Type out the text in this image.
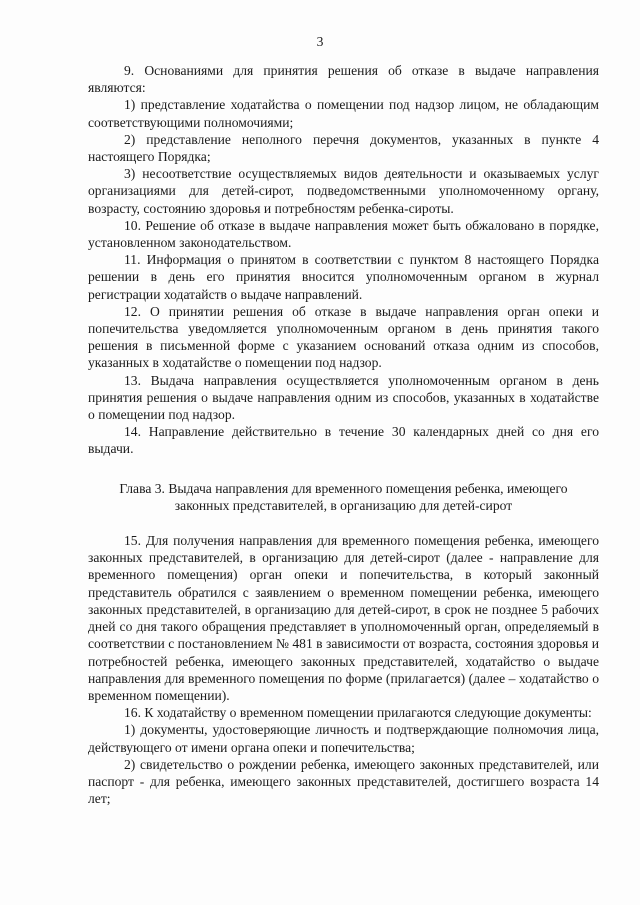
3

9. Основаниями для принятия решения об отказе в выдаче направления являются:

1) представление ходатайства о помещении под надзор лицом, не обладающим соответствующими полномочиями;

2) представление неполного перечня документов, указанных в пункте 4 настоящего Порядка;

3) несоответствие осуществляемых видов деятельности и оказываемых услуг организациями для детей-сирот, подведомственными уполномоченному органу, возрасту, состоянию здоровья и потребностям ребенка-сироты.

10. Решение об отказе в выдаче направления может быть обжаловано в порядке, установленном законодательством.

11. Информация о принятом в соответствии с пунктом 8 настоящего Порядка решении в день его принятия вносится уполномоченным органом в журнал регистрации ходатайств о выдаче направлений.

12. О принятии решения об отказе в выдаче направления орган опеки и попечительства уведомляется уполномоченным органом в день принятия такого решения в письменной форме с указанием оснований отказа одним из способов, указанных в ходатайстве о помещении под надзор.

13. Выдача направления осуществляется уполномоченным органом в день принятия решения о выдаче направления одним из способов, указанных в ходатайстве о помещении под надзор.

14. Направление действительно в течение 30 календарных дней со дня его выдачи.

Глава 3. Выдача направления для временного помещения ребенка, имеющего законных представителей, в организацию для детей-сирот

15. Для получения направления для временного помещения ребенка, имеющего законных представителей, в организацию для детей-сирот (далее - направление для временного помещения) орган опеки и попечительства, в который законный представитель обратился с заявлением о временном помещении ребенка, имеющего законных представителей, в организацию для детей-сирот, в срок не позднее 5 рабочих дней со дня такого обращения представляет в уполномоченный орган, определяемый в соответствии с постановлением № 481 в зависимости от возраста, состояния здоровья и потребностей ребенка, имеющего законных представителей, ходатайство о выдаче направления для временного помещения по форме (прилагается) (далее – ходатайство о временном помещении).

16. К ходатайству о временном помещении прилагаются следующие документы:

1) документы, удостоверяющие личность и подтверждающие полномочия лица, действующего от имени органа опеки и попечительства;

2) свидетельство о рождении ребенка, имеющего законных представителей, или паспорт - для ребенка, имеющего законных представителей, достигшего возраста 14 лет;
